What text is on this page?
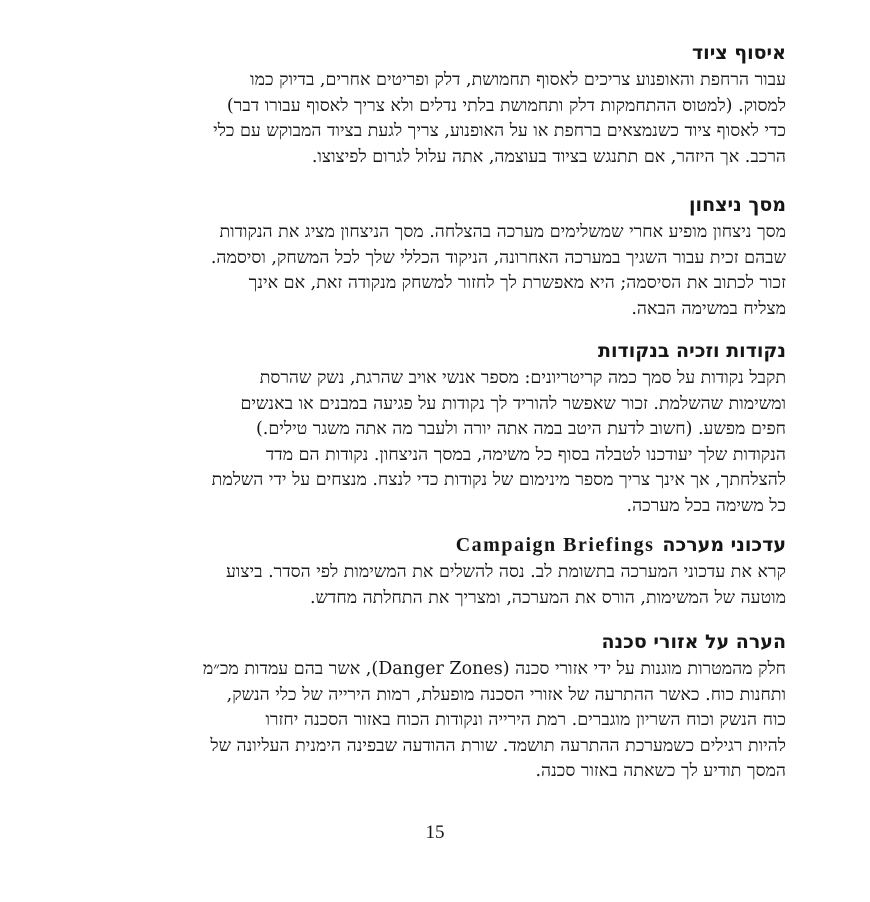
איסוף ציוד
עבור הרחפת והאופנוע צריכים לאסוף תחמושת, דלק ופריטים אחרים, בדיוק כמו
למסוק. (למטוס ההתחמקות דלק ותחמושת בלתי נדלים ולא צריך לאסוף עבורו דבר)
כדי לאסוף ציוד כשנמצאים ברחפת או על האופנוע, צריך לגעת בציוד המבוקש עם כלי
הרכב. אך היזהר, אם תתנגש בציוד בעוצמה, אתה עלול לגרום לפיצוצו.
מסך ניצחון
מסך ניצחון מופיע אחרי שמשלימים מערכה בהצלחה. מסך הניצחון מציג את הנקודות
שבהם זכית עבור השגיך במערכה האחרונה, הניקוד הכללי שלך לכל המשחק, וסיסמה.
זכור לכתוב את הסיסמה; היא מאפשרת לך לחזור למשחק מנקודה זאת, אם אינך
מצליח במשימה הבאה.
נקודות וזכיה בנקודות
תקבל נקודות על סמך כמה קריטריונים: מספר אנשי אויב שהרגת, נשק שהרסת
ומשימות שהשלמת. זכור שאפשר להוריד לך נקודות על פגיעה במבנים או באנשים
חפים מפשע. (חשוב לדעת היטב במה אתה יורה ולעבר מה אתה משגר טילים.)
הנקודות שלך יעודכנו לטבלה בסוף כל משימה, במסך הניצחון. נקודות הם מדד
להצלחתך, אך אינך צריך מספר מינימום של נקודות כדי לנצח. מנצחים על ידי השלמת
כל משימה בכל מערכה.
עדכוני מערכהCampaign Briefings
קרא את עדכוני המערכה בתשומת לב. נסה להשלים את המשימות לפי הסדר. ביצוע
מוטעה של המשימות, הורס את המערכה, ומצריך את התחלתה מחדש.
הערה על אזורי סכנה
חלק מהמטרות מוגנות על ידי אזורי סכנה (Danger Zones), אשר בהם עמדות מכ״מ
ותחנות כוח. כאשר ההתרעה של אזורי הסכנה מופעלת, רמות הירייה של כלי הנשק,
כוח הנשק וכוח השריון מוגברים. רמת הירייה ונקודות הכוח באזור הסכנה יחזרו
להיות רגילים כשמערכת ההתרעה תושמד. שורת ההודעה שבפינה הימנית העליונה של
המסך תודיע לך כשאתה באזור סכנה.
15
